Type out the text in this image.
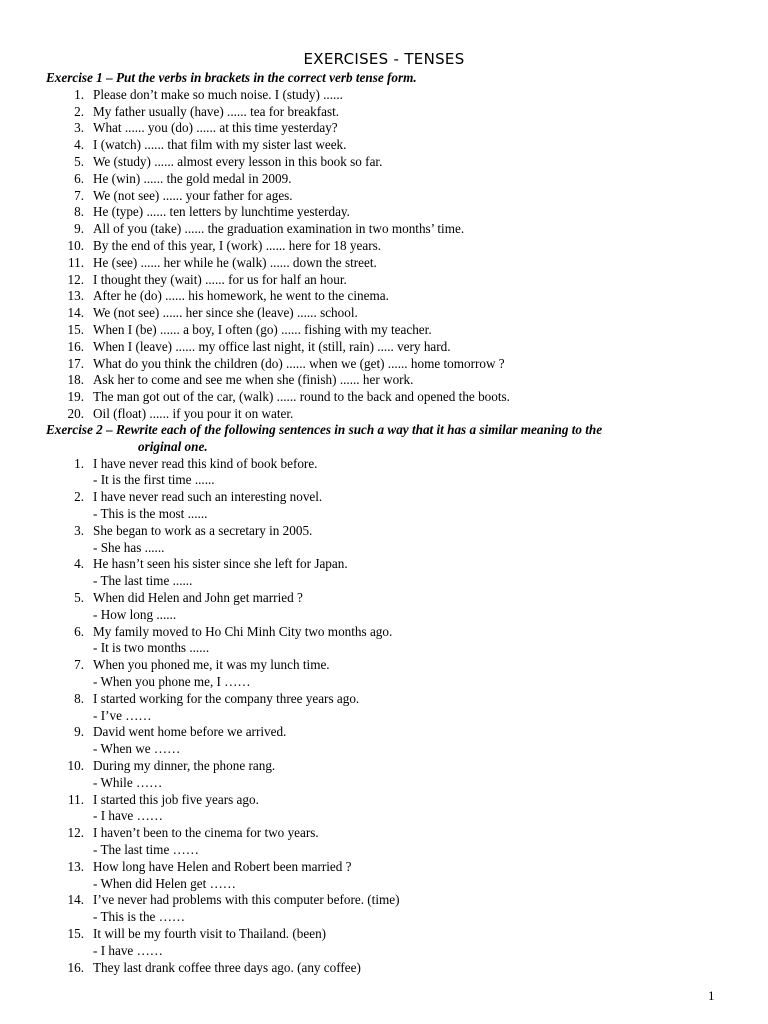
EXERCISES - TENSES
Exercise 1 – Put the verbs in brackets in the correct verb tense form.
1. Please don’t make so much noise. I (study) ......
2. My father usually (have) ...... tea for breakfast.
3. What ...... you (do) ...... at this time yesterday?
4. I (watch) ...... that film with my sister last week.
5. We (study) ...... almost every lesson in this book so far.
6. He (win) ...... the gold medal in 2009.
7. We (not see) ...... your father for ages.
8. He (type) ...... ten letters by lunchtime yesterday.
9. All of you (take) ...... the graduation examination in two months’ time.
10. By the end of this year, I (work) ...... here for 18 years.
11. He (see) ...... her while he (walk) ...... down the street.
12. I thought they (wait) ...... for us for half an hour.
13. After he (do) ...... his homework, he went to the cinema.
14. We (not see) ...... her since she (leave) ...... school.
15. When I (be) ...... a boy, I often (go) ...... fishing with my teacher.
16. When I (leave) ...... my office last night, it (still, rain) ..... very hard.
17. What do you think the children (do) ...... when we (get) ...... home tomorrow ?
18. Ask her to come and see me when she (finish) ...... her work.
19. The man got out of the car, (walk) ...... round to the back and opened the boots.
20. Oil (float) ...... if you pour it on water.
Exercise 2 – Rewrite each of the following sentences in such a way that it has a similar meaning to the
original one.
1. I have never read this kind of book before.
- It is the first time ......
2. I have never read such an interesting novel.
- This is the most ......
3. She began to work as a secretary in 2005.
- She has ......
4. He hasn’t seen his sister since she left for Japan.
- The last time ......
5. When did Helen and John get married ?
- How long ......
6. My family moved to Ho Chi Minh City two months ago.
- It is two months ......
7. When you phoned me, it was my lunch time.
- When you phone me, I ……
8. I started working for the company three years ago.
- I’ve ……
9. David went home before we arrived.
- When we ……
10. During my dinner, the phone rang.
- While ……
11. I started this job five years ago.
- I have ……
12. I haven’t been to the cinema for two years.
- The last time ……
13. How long have Helen and Robert been married ?
- When did Helen get ……
14. I’ve never had problems with this computer before. (time)
- This is the ……
15. It will be my fourth visit to Thailand. (been)
- I have ……
16. They last drank coffee three days ago. (any coffee)
1
